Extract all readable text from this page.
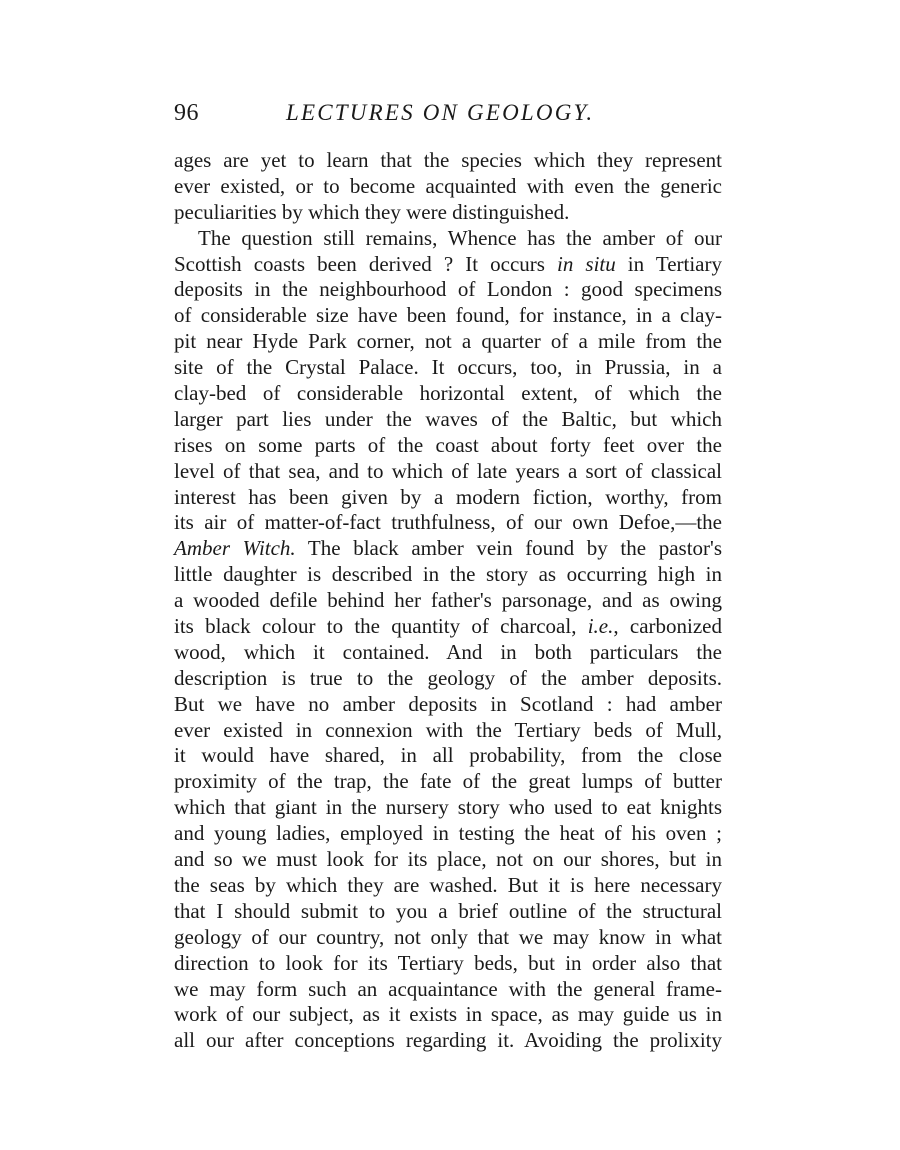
96	LECTURES ON GEOLOGY.
ages are yet to learn that the species which they represent
ever existed, or to become acquainted with even the generic
peculiarities by which they were distinguished.
The question still remains, Whence has the amber of our
Scottish coasts been derived ? It occurs in situ in Tertiary
deposits in the neighbourhood of London : good specimens
of considerable size have been found, for instance, in a clay-
pit near Hyde Park corner, not a quarter of a mile from the
site of the Crystal Palace. It occurs, too, in Prussia, in a
clay-bed of considerable horizontal extent, of which the
larger part lies under the waves of the Baltic, but which
rises on some parts of the coast about forty feet over the
level of that sea, and to which of late years a sort of classical
interest has been given by a modern fiction, worthy, from
its air of matter-of-fact truthfulness, of our own Defoe,—the
Amber Witch. The black amber vein found by the pastor's
little daughter is described in the story as occurring high in
a wooded defile behind her father's parsonage, and as owing
its black colour to the quantity of charcoal, i.e., carbonized
wood, which it contained. And in both particulars the
description is true to the geology of the amber deposits.
But we have no amber deposits in Scotland : had amber
ever existed in connexion with the Tertiary beds of Mull,
it would have shared, in all probability, from the close
proximity of the trap, the fate of the great lumps of butter
which that giant in the nursery story who used to eat knights
and young ladies, employed in testing the heat of his oven ;
and so we must look for its place, not on our shores, but in
the seas by which they are washed. But it is here necessary
that I should submit to you a brief outline of the structural
geology of our country, not only that we may know in what
direction to look for its Tertiary beds, but in order also that
we may form such an acquaintance with the general frame-
work of our subject, as it exists in space, as may guide us in
all our after conceptions regarding it. Avoiding the prolixity
